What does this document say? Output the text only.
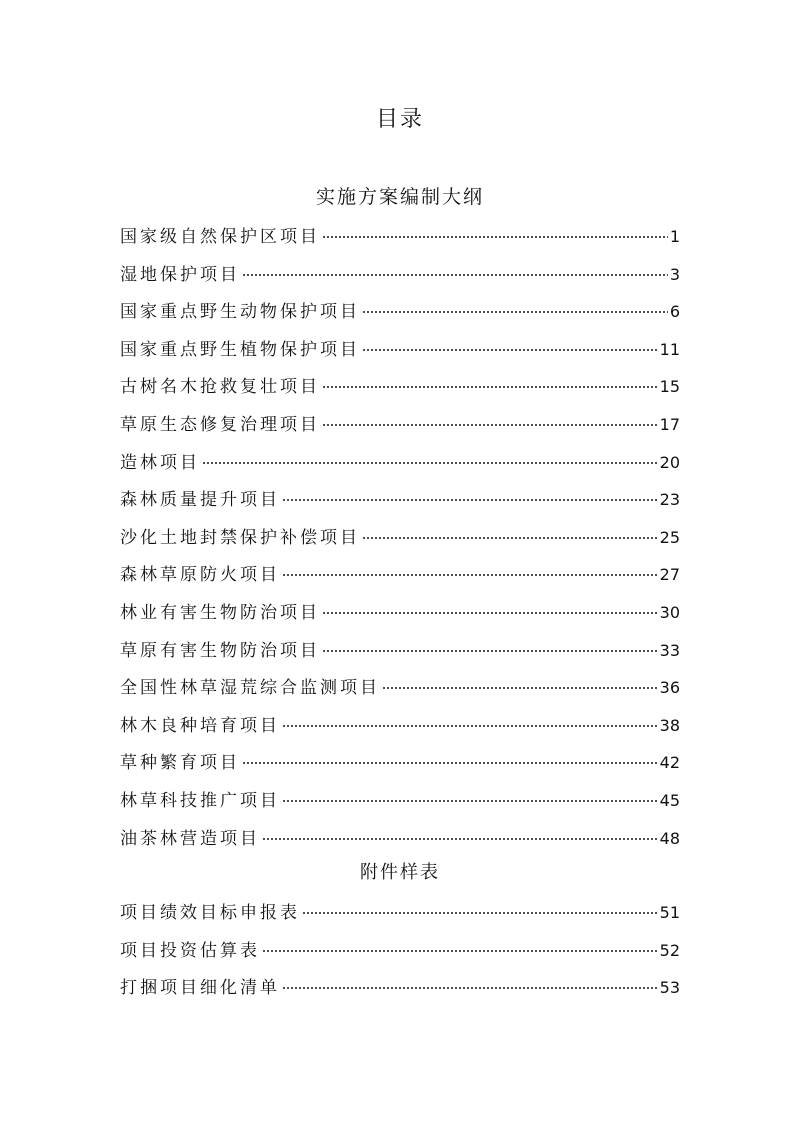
目录
实施方案编制大纲
国家级自然保护区项目	1
湿地保护项目	3
国家重点野生动物保护项目	6
国家重点野生植物保护项目	11
古树名木抢救复壮项目	15
草原生态修复治理项目	17
造林项目	20
森林质量提升项目	23
沙化土地封禁保护补偿项目	25
森林草原防火项目	27
林业有害生物防治项目	30
草原有害生物防治项目	33
全国性林草湿荒综合监测项目	36
林木良种培育项目	38
草种繁育项目	42
林草科技推广项目	45
油茶林营造项目	48
附件样表
项目绩效目标申报表	51
项目投资估算表	52
打捆项目细化清单	53
